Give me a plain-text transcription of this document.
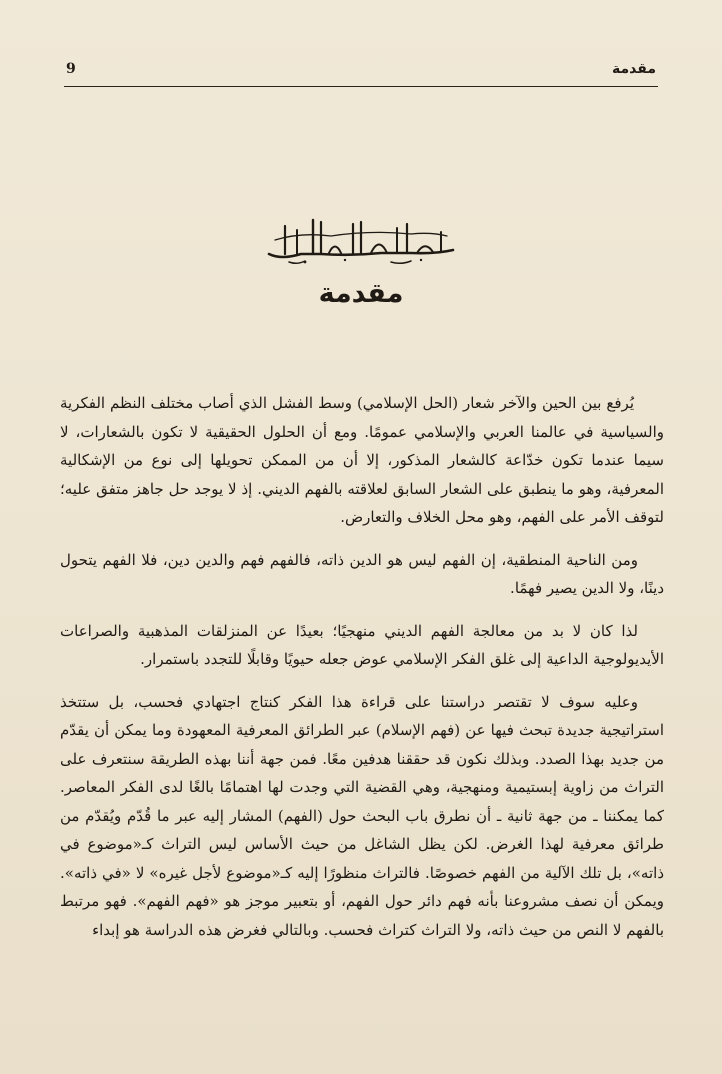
9	مقدمة
مقدمة

يُرفع بين الحين والآخر شعار (الحل الإسلامي) وسط الفشل الذي أصاب مختلف النظم الفكرية والسياسية في عالمنا العربي والإسلامي عمومًا. ومع أن الحلول الحقيقية لا تكون بالشعارات، لا سيما عندما تكون خدّاعة كالشعار المذكور، إلا أن من الممكن تحويلها إلى نوع من الإشكالية المعرفية، وهو ما ينطبق على الشعار السابق لعلاقته بالفهم الديني. إذ لا يوجد حل جاهز متفق عليه؛ لتوقف الأمر على الفهم، وهو محل الخلاف والتعارض.

ومن الناحية المنطقية، إن الفهم ليس هو الدين ذاته، فالفهم فهم والدين دين، فلا الفهم يتحول دينًا، ولا الدين يصير فهمًا.

لذا كان لا بد من معالجة الفهم الديني منهجيًا؛ بعيدًا عن المنزلقات المذهبية والصراعات الأيديولوجية الداعية إلى غلق الفكر الإسلامي عوض جعله حيويًا وقابلًا للتجدد باستمرار.

وعليه سوف لا تقتصر دراستنا على قراءة هذا الفكر كنتاج اجتهادي فحسب، بل ستتخذ استراتيجية جديدة تبحث فيها عن (فهم الإسلام) عبر الطرائق المعرفية المعهودة وما يمكن أن يقدّم من جديد بهذا الصدد. وبذلك نكون قد حققنا هدفين معًا. فمن جهة أننا بهذه الطريقة سنتعرف على التراث من زاوية إبستيمية ومنهجية، وهي القضية التي وجدت لها اهتمامًا بالغًا لدى الفكر المعاصر. كما يمكننا ـ من جهة ثانية ـ أن نطرق باب البحث حول (الفهم) المشار إليه عبر ما قُدّم ويُقدّم من طرائق معرفية لهذا الغرض. لكن يظل الشاغل من حيث الأساس ليس التراث كـ«موضوع في ذاته»، بل تلك الآلية من الفهم خصوصًا. فالتراث منظورًا إليه كـ«موضوع لأجل غيره» لا «في ذاته». ويمكن أن نصف مشروعنا بأنه فهم دائر حول الفهم، أو بتعبير موجز هو «فهم الفهم». فهو مرتبط بالفهم لا النص من حيث ذاته، ولا التراث كتراث فحسب. وبالتالي فغرض هذه الدراسة هو إبداء
